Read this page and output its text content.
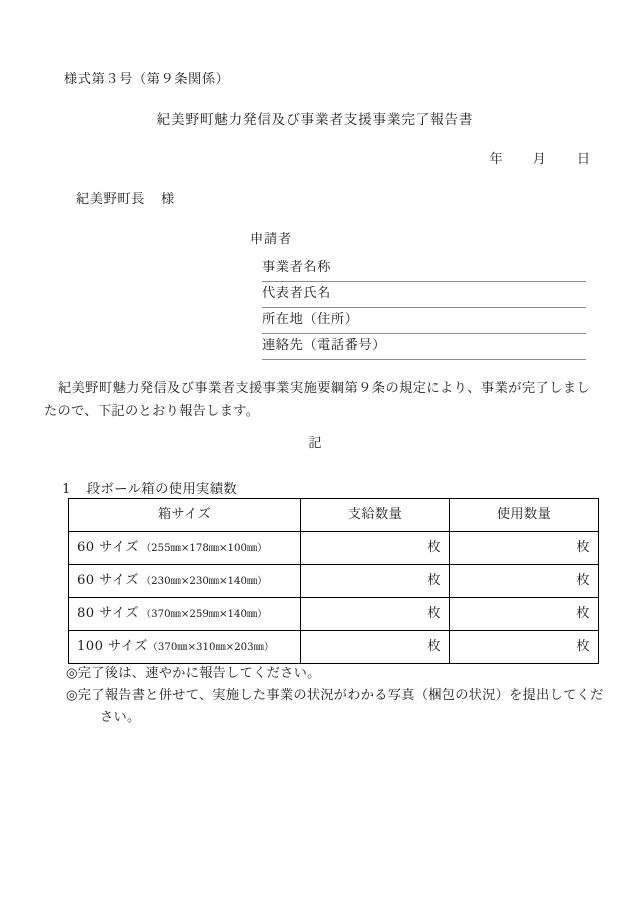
様式第３号（第９条関係）
紀美野町魅力発信及び事業者支援事業完了報告書
年 月 日
紀美野町長 様
申請者
事業者名称
代表者氏名
所在地（住所）
連絡先（電話番号）
紀美野町魅力発信及び事業者支援事業実施要綱第９条の規定により、事業が完了しましたので、下記のとおり報告します。
記
1 段ボール箱の使用実績数
箱サイズ	支給数量	使用数量
60 サイズ （255㎜×178㎜×100㎜）	枚	枚
60 サイズ （230㎜×230㎜×140㎜）	枚	枚
80 サイズ （370㎜×259㎜×140㎜）	枚	枚
100 サイズ（370㎜×310㎜×203㎜）	枚	枚
◎完了後は、速やかに報告してください。
◎完了報告書と併せて、実施した事業の状況がわかる写真（梱包の状況）を提出してください。
